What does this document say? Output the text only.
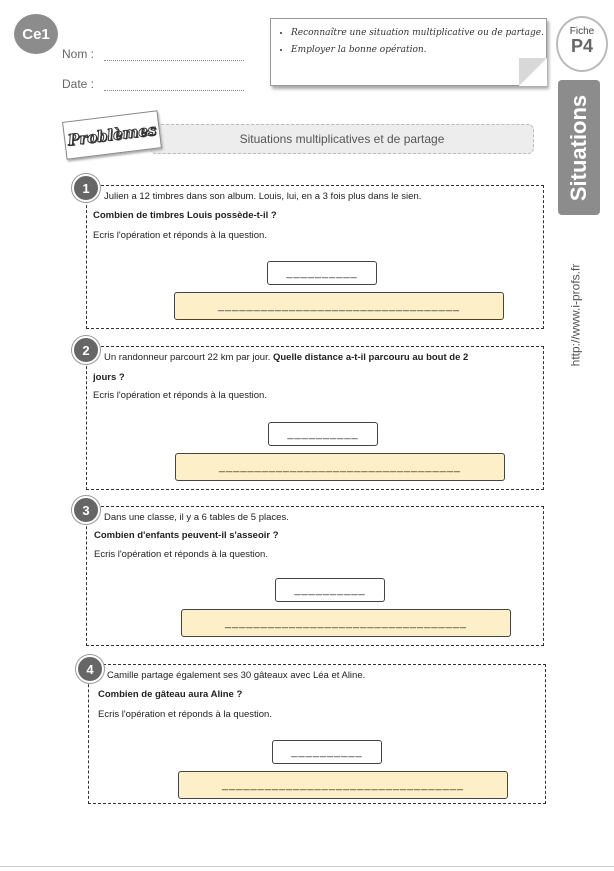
Ce1
Nom :
Date :
• Reconnaître une situation multiplicative ou de partage.
• Employer la bonne opération.
Fiche
P4
Situations
http://www.i-profs.fr
Situations multiplicatives et de partage
Problèmes
1
Julien a 12 timbres dans son album. Louis, lui, en a 3 fois plus dans le sien.
Combien de timbres Louis possède-t-il ?
Ecris l'opération et réponds à la question.
__________
__________________________________
2	Un randonneur parcourt 22 km par jour. Quelle distance a-t-il parcouru au bout de 2
jours ?
Ecris l'opération et réponds à la question.
__________
__________________________________
3	Dans une classe, il y a 6 tables de 5 places.
Combien d'enfants peuvent-il s'asseoir ?
Ecris l'opération et réponds à la question.
__________
__________________________________
4	Camille partage également ses 30 gâteaux avec Léa et Aline.
Combien de gâteau aura Aline ?
Ecris l'opération et réponds à la question.
__________
__________________________________
